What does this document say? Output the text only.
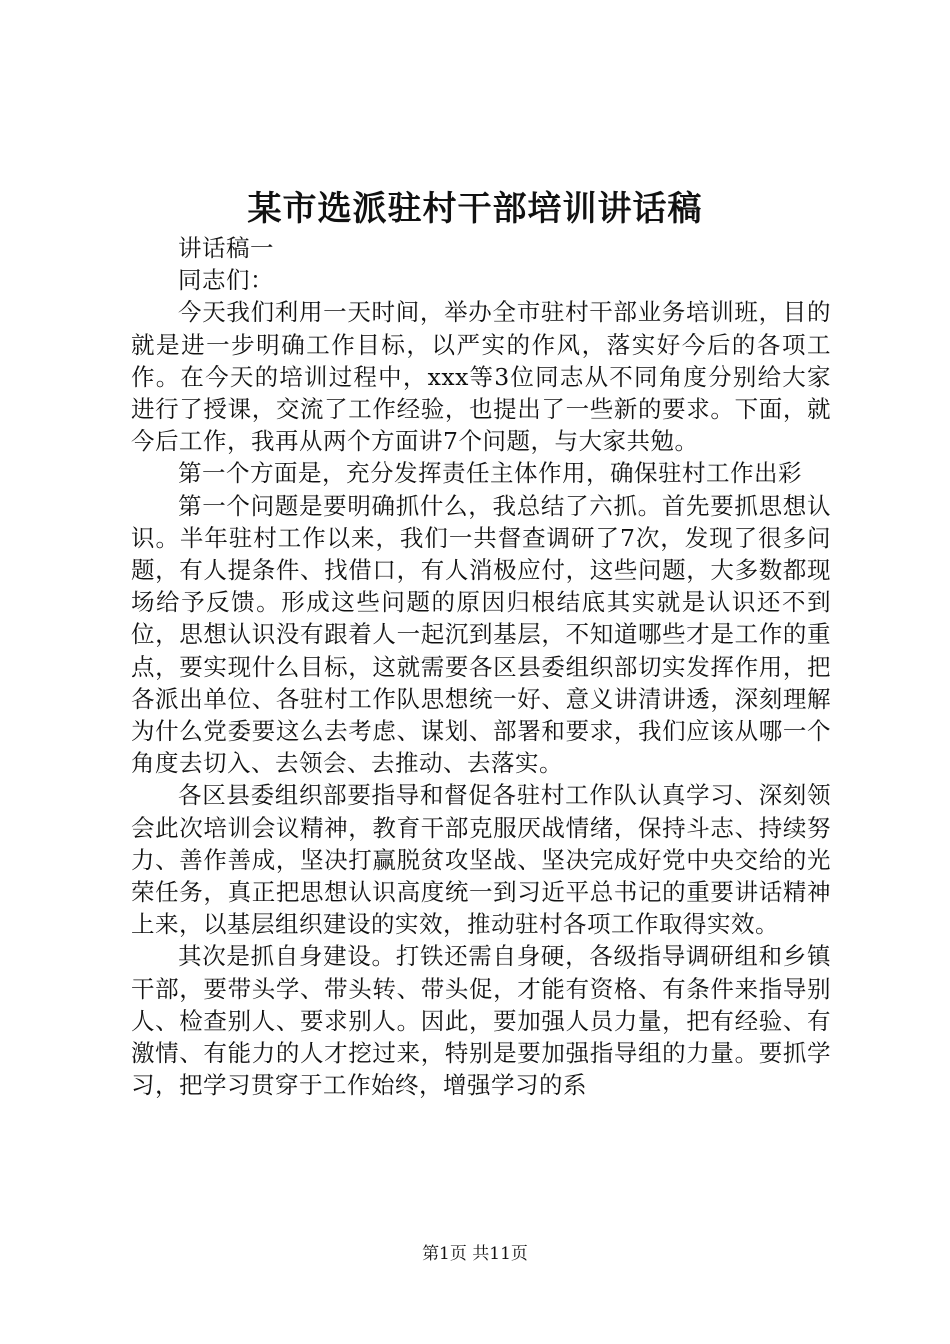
某市选派驻村干部培训讲话稿

讲话稿一

同志们：

今天我们利用一天时间，举办全市驻村干部业务培训班，目的就是进一步明确工作目标，以严实的作风，落实好今后的各项工作。在今天的培训过程中，xxx等3位同志从不同角度分别给大家进行了授课，交流了工作经验，也提出了一些新的要求。下面，就今后工作，我再从两个方面讲7个问题，与大家共勉。

第一个方面是，充分发挥责任主体作用，确保驻村工作出彩

第一个问题是要明确抓什么，我总结了六抓。首先要抓思想认识。半年驻村工作以来，我们一共督查调研了7次，发现了很多问题，有人提条件、找借口，有人消极应付，这些问题，大多数都现场给予反馈。形成这些问题的原因归根结底其实就是认识还不到位，思想认识没有跟着人一起沉到基层，不知道哪些才是工作的重点，要实现什么目标，这就需要各区县委组织部切实发挥作用，把各派出单位、各驻村工作队思想统一好、意义讲清讲透，深刻理解为什么党委要这么去考虑、谋划、部署和要求，我们应该从哪一个角度去切入、去领会、去推动、去落实。

各区县委组织部要指导和督促各驻村工作队认真学习、深刻领会此次培训会议精神，教育干部克服厌战情绪，保持斗志、持续努力、善作善成，坚决打赢脱贫攻坚战、坚决完成好党中央交给的光荣任务，真正把思想认识高度统一到习近平总书记的重要讲话精神上来，以基层组织建设的实效，推动驻村各项工作取得实效。

其次是抓自身建设。打铁还需自身硬，各级指导调研组和乡镇干部，要带头学、带头转、带头促，才能有资格、有条件来指导别人、检查别人、要求别人。因此，要加强人员力量，把有经验、有激情、有能力的人才挖过来，特别是要加强指导组的力量。要抓学习，把学习贯穿于工作始终，增强学习的系

第1页 共11页
